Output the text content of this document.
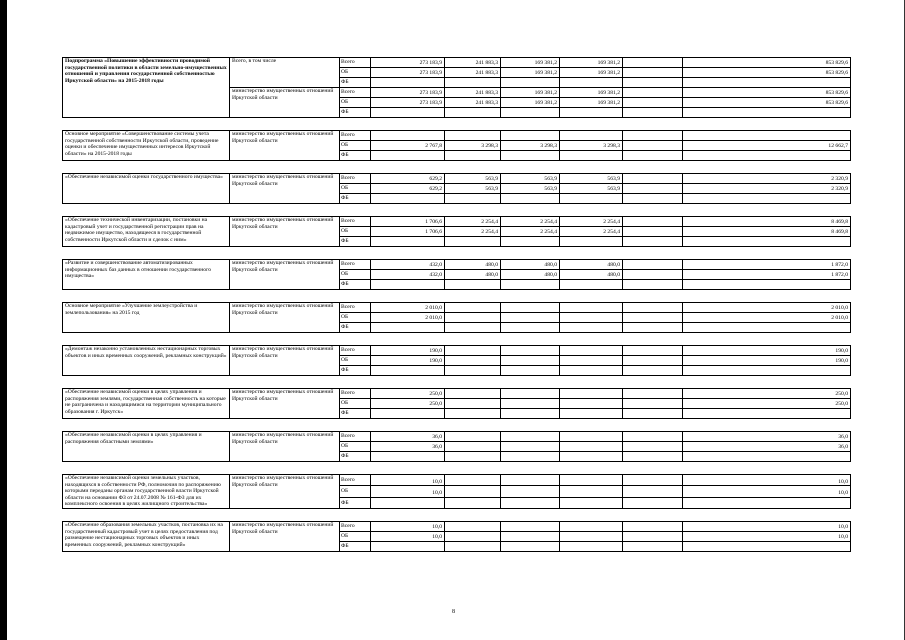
Подпрограмма «Повышение эффективности проводимой государственной политики в области земельно-имущественных отношений и управления государственной собственностью Иркутской области» на 2015-2018 годы	Всего, в том числе	Всего	273 183,9	241 883,3	169 381,2	169 381,2		853 829,6
		ОБ	273 183,9	241 883,3	169 381,2	169 381,2		853 829,6
		ФБ						
	министерство имущественных отношений Иркутской области	Всего	273 183,9	241 883,3	169 381,2	169 381,2		853 829,6
		ОБ	273 183,9	241 883,3	169 381,2	169 381,2		853 829,6
		ФБ						

Основное мероприятие «Совершенствование системы учета государственной собственности Иркутской области, проведение оценки и обеспечение имущественных интересов Иркутской области» на 2015-2018 годы	министерство имущественных отношений Иркутской области	Всего						
		ОБ	2 767,8	3 298,3	3 298,3	3 298,3		12 662,7
		ФБ						

«Обеспечение независимой оценки государственного имущества»	министерство имущественных отношений Иркутской области	Всего	629,2	563,9	563,9	563,9		2 320,9
		ОБ	629,2	563,9	563,9	563,9		2 320,9
		ФБ						

«Обеспечение технической инвентаризации, постановки на кадастровый учет и государственной регистрации прав на недвижимое имущество, находящееся в государственной собственности Иркутской области и сделок с ним»	министерство имущественных отношений Иркутской области	Всего	1 706,6	2 254,4	2 254,4	2 254,4		8 469,8
		ОБ	1 706,6	2 254,4	2 254,4	2 254,4		8 469,8
		ФБ						

«Развитие и совершенствование автоматизированных информационных баз данных в отношении государственного имущества»	министерство имущественных отношений Иркутской области	Всего	432,0	480,0	480,0	480,0		1 872,0
		ОБ	432,0	480,0	480,0	480,0		1 872,0
		ФБ						

Основное мероприятие «Улучшение землеустройства и землепользования» на 2015 год	министерство имущественных отношений Иркутской области	Всего	2 010,0					2 010,0
		ОБ	2 010,0					2 010,0
		ФБ						

«Демонтаж незаконно установленных нестационарных торговых объектов и иных временных сооружений, рекламных конструкций»	министерство имущественных отношений Иркутской области	Всего	190,0					190,0
		ОБ	190,0					190,0
		ФБ						

«Обеспечение независимой оценки в целях управления и распоряжения землями, государственная собственность на которые не разграничена и находящимися на территории муниципального образования г. Иркутск»	министерство имущественных отношений Иркутской области	Всего	250,0					250,0
		ОБ	250,0					250,0
		ФБ						

«Обеспечение независимой оценки в целях управления и распоряжения областными землями»	министерство имущественных отношений Иркутской области	Всего	36,0					36,0
		ОБ	36,0					36,0
		ФБ						

«Обеспечение независимой оценки земельных участков, находящихся в собственности РФ, полномочия по распоряжению которыми переданы органам государственной власти Иркутской области на основании ФЗ от 24.07.2008 № 161-ФЗ для их комплексного освоения в целях жилищного строительства»	министерство имущественных отношений Иркутской области	Всего	10,0					10,0
		ОБ	10,0					10,0
		ФБ						

«Обеспечение образования земельных участков, постановка их на государственный кадастровый учет в целях предоставления под размещение нестационарных торговых объектов и иных временных сооружений, рекламных конструкций»	министерство имущественных отношений Иркутской области	Всего	10,0					10,0
		ОБ	10,0					10,0
		ФБ						
8
